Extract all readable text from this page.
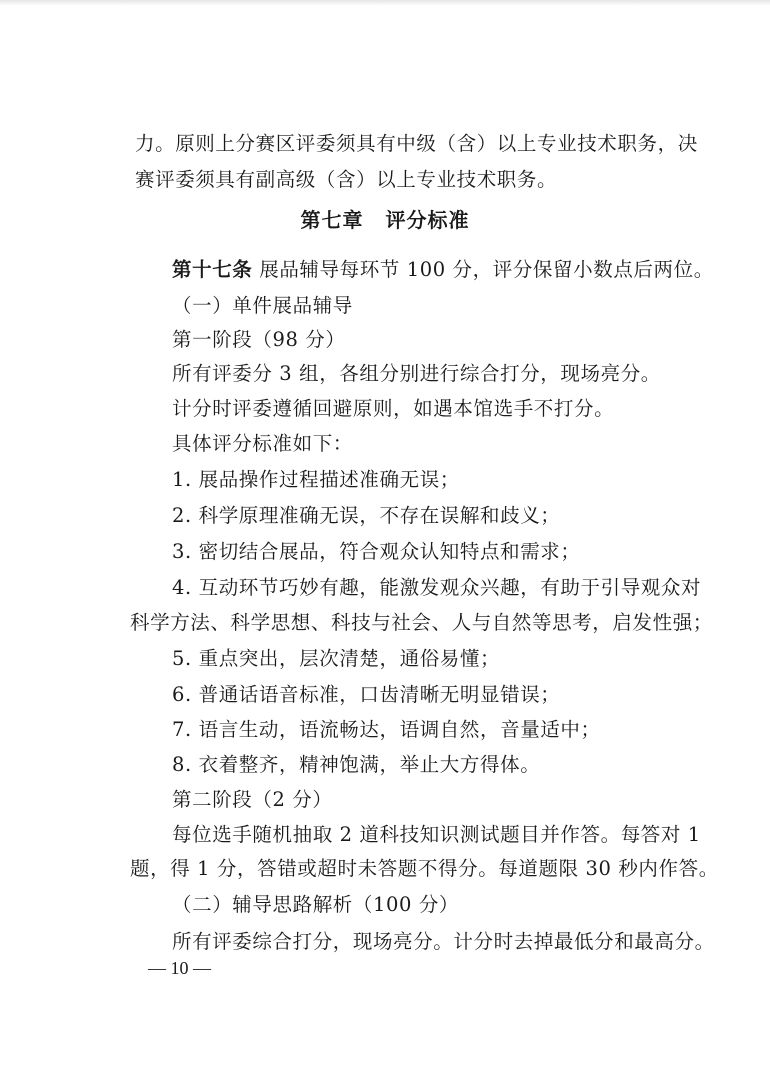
力。原则上分赛区评委须具有中级（含）以上专业技术职务，决
赛评委须具有副高级（含）以上专业技术职务。
第七章 评分标准
第十七条 展品辅导每环节 100 分，评分保留小数点后两位。
（一）单件展品辅导
第一阶段（98 分）
所有评委分 3 组，各组分别进行综合打分，现场亮分。
计分时评委遵循回避原则，如遇本馆选手不打分。
具体评分标准如下：
1. 展品操作过程描述准确无误；
2. 科学原理准确无误，不存在误解和歧义；
3. 密切结合展品，符合观众认知特点和需求；
4. 互动环节巧妙有趣，能激发观众兴趣，有助于引导观众对
科学方法、科学思想、科技与社会、人与自然等思考，启发性强；
5. 重点突出，层次清楚，通俗易懂；
6. 普通话语音标准，口齿清晰无明显错误；
7. 语言生动，语流畅达，语调自然，音量适中；
8. 衣着整齐，精神饱满，举止大方得体。
第二阶段（2 分）
每位选手随机抽取 2 道科技知识测试题目并作答。每答对 1
题，得 1 分，答错或超时未答题不得分。每道题限 30 秒内作答。
（二）辅导思路解析（100 分）
所有评委综合打分，现场亮分。计分时去掉最低分和最高分。
— 10 —
